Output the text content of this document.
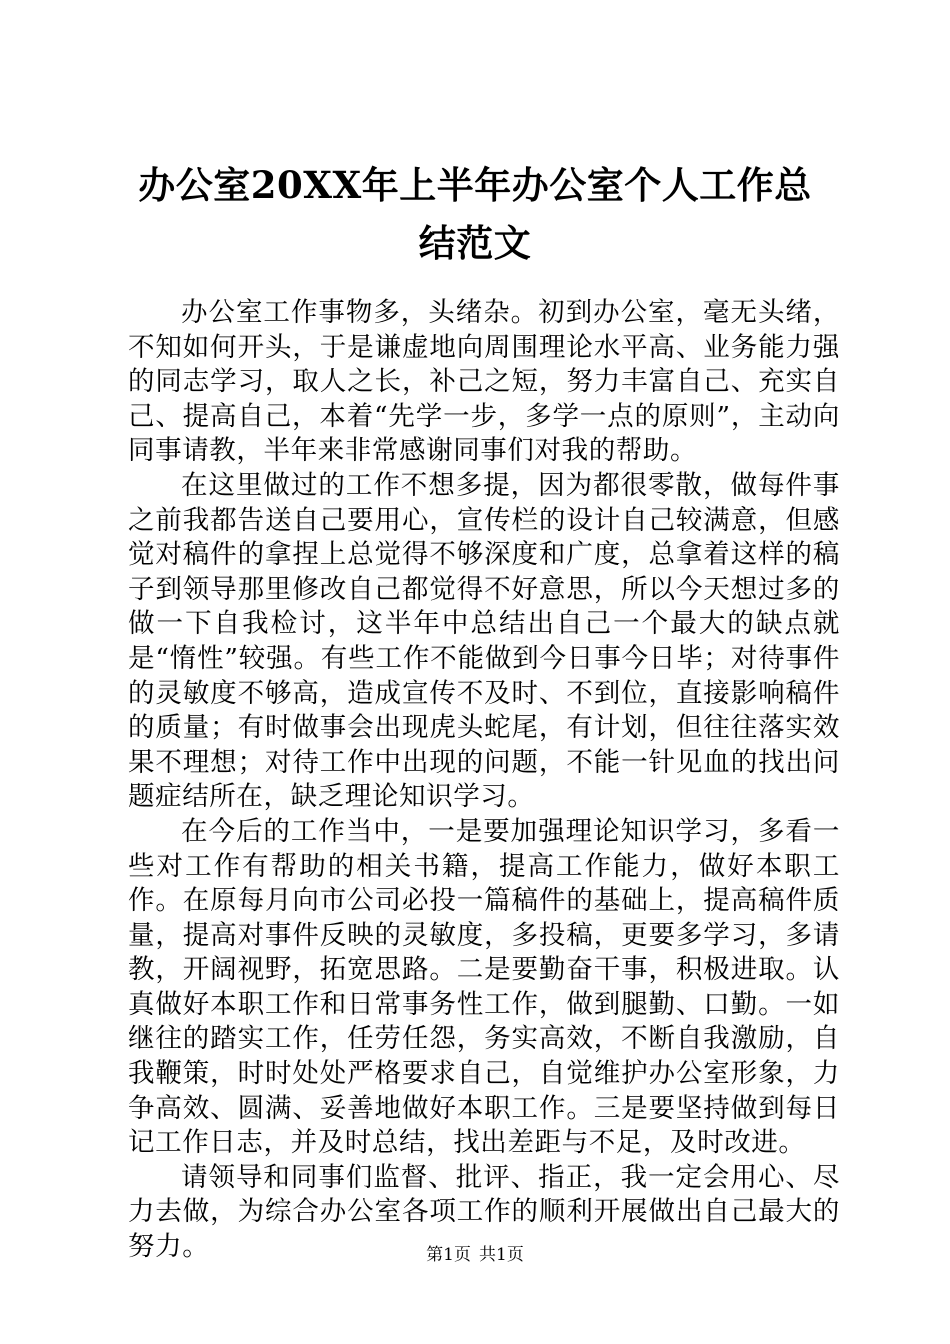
办公室20XX年上半年办公室个人工作总结范文

办公室工作事物多，头绪杂。初到办公室，毫无头绪，不知如何开头，于是谦虚地向周围理论水平高、业务能力强的同志学习，取人之长，补己之短，努力丰富自己、充实自己、提高自己，本着“先学一步，多学一点的原则”，主动向同事请教，半年来非常感谢同事们对我的帮助。

在这里做过的工作不想多提，因为都很零散，做每件事之前我都告送自己要用心，宣传栏的设计自己较满意，但感觉对稿件的拿捏上总觉得不够深度和广度，总拿着这样的稿子到领导那里修改自己都觉得不好意思，所以今天想过多的做一下自我检讨，这半年中总结出自己一个最大的缺点就是“惰性”较强。有些工作不能做到今日事今日毕；对待事件的灵敏度不够高，造成宣传不及时、不到位，直接影响稿件的质量；有时做事会出现虎头蛇尾，有计划，但往往落实效果不理想；对待工作中出现的问题，不能一针见血的找出问题症结所在，缺乏理论知识学习。

在今后的工作当中，一是要加强理论知识学习，多看一些对工作有帮助的相关书籍，提高工作能力，做好本职工作。在原每月向市公司必投一篇稿件的基础上，提高稿件质量，提高对事件反映的灵敏度，多投稿，更要多学习，多请教，开阔视野，拓宽思路。二是要勤奋干事，积极进取。认真做好本职工作和日常事务性工作，做到腿勤、口勤。一如继往的踏实工作，任劳任怨，务实高效，不断自我激励，自我鞭策，时时处处严格要求自己，自觉维护办公室形象，力争高效、圆满、妥善地做好本职工作。三是要坚持做到每日记工作日志，并及时总结，找出差距与不足，及时改进。

请领导和同事们监督、批评、指正，我一定会用心、尽力去做，为综合办公室各项工作的顺利开展做出自己最大的努力。	第1页 共1页
